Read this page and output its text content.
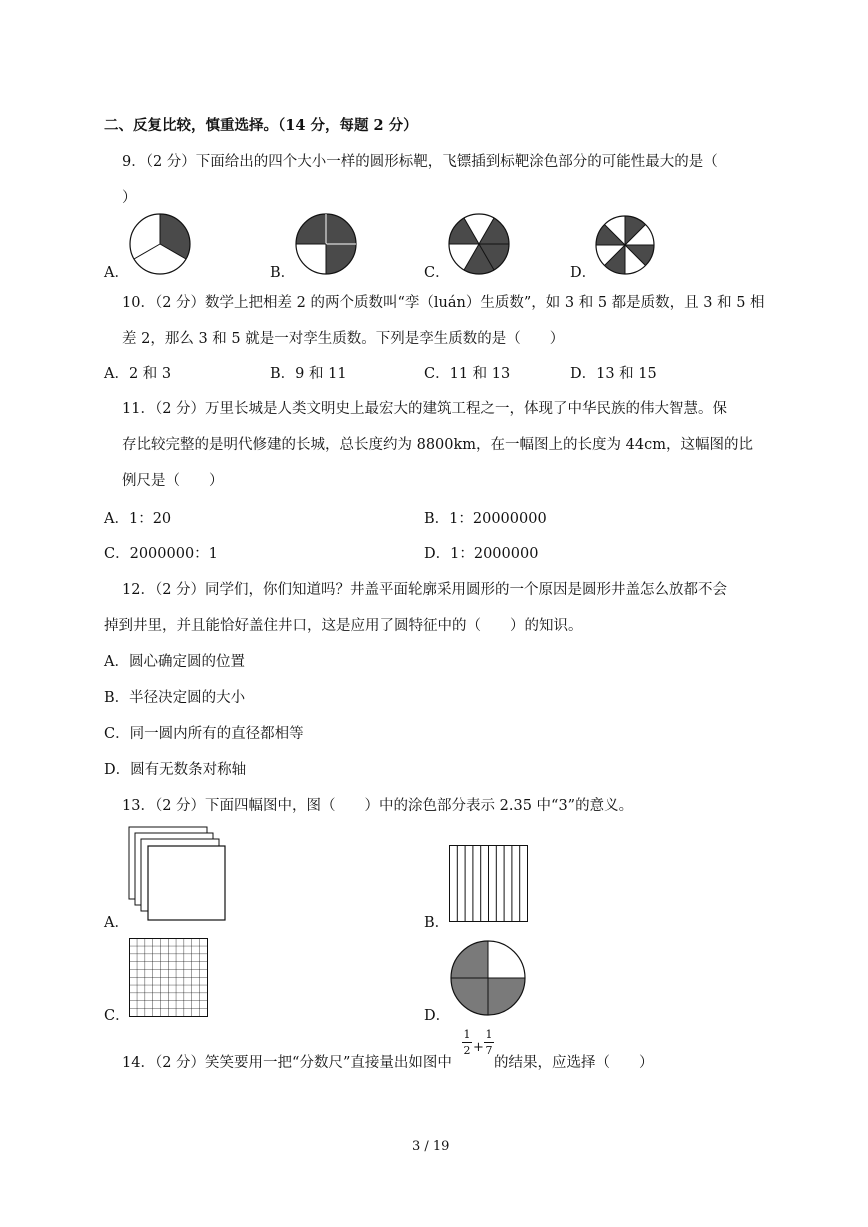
二、反复比较，慎重选择。（14 分，每题 2 分）
9．（2 分）下面给出的四个大小一样的圆形标靶，飞镖插到标靶涂色部分的可能性最大的是（
）
A．	B．	C．	D．
10．（2 分）数学上把相差 2 的两个质数叫“孪（luán）生质数”，如 3 和 5 都是质数，且 3 和 5 相
差 2，那么 3 和 5 就是一对孪生质数。下列是孪生质数的是（　　）
A．2 和 3	B．9 和 11	C．11 和 13	D．13 和 15
11．（2 分）万里长城是人类文明史上最宏大的建筑工程之一，体现了中华民族的伟大智慧。保
存比较完整的是明代修建的长城，总长度约为 8800km，在一幅图上的长度为 44cm，这幅图的比
例尺是（　　）
A．1：20	B．1：20000000
C．2000000：1	D．1：2000000
12．（2 分）同学们，你们知道吗？井盖平面轮廓采用圆形的一个原因是圆形井盖怎么放都不会
掉到井里，并且能恰好盖住井口，这是应用了圆特征中的（　　）的知识。
A．圆心确定圆的位置
B．半径决定圆的大小
C．同一圆内所有的直径都相等
D．圆有无数条对称轴
13．（2 分）下面四幅图中，图（　　）中的涂色部分表示 2.35 中“3”的意义。
A．	B．
C．	D．
14．（2 分）笑笑要用一把“分数尺”直接量出如图中
1
2 +
1
7
的结果，应选择（　　）
3 / 19
